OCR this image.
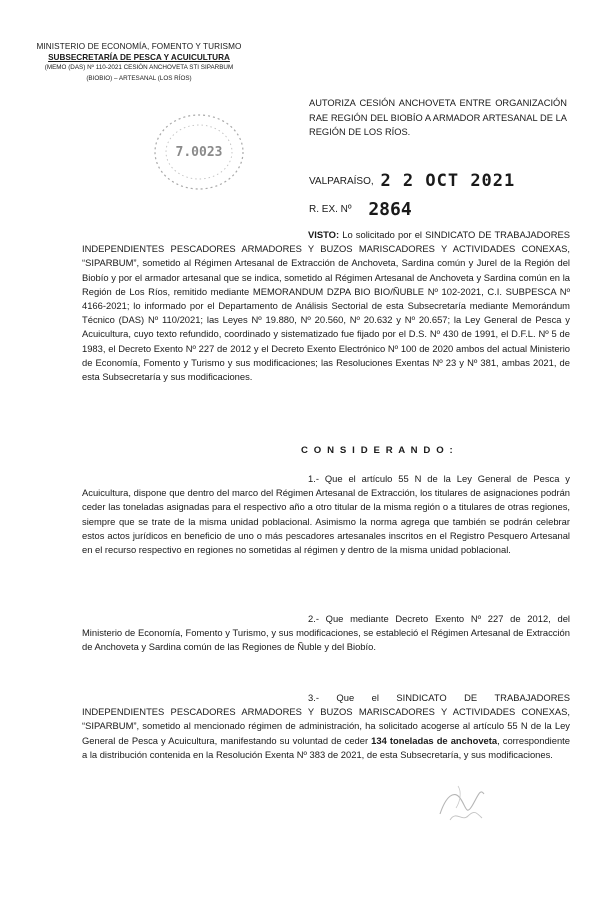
MINISTERIO DE ECONOMÍA, FOMENTO Y TURISMO
SUBSECRETARÍA DE PESCA Y ACUICULTURA
(MEMO (DAS) Nº 110-2021 CESIÓN ANCHOVETA STI SIPARBUM
(BIOBIO) – ARTESANAL (LOS RÍOS)
7.0023
AUTORIZA CESIÓN ANCHOVETA ENTRE ORGANIZACIÓN RAE REGIÓN DEL BIOBÍO A ARMADOR ARTESANAL DE LA REGIÓN DE LOS RÍOS.
VALPARAÍSO, 2 2 OCT 2021
R. EX. Nº 2864
VISTO: Lo solicitado por el SINDICATO DE TRABAJADORES INDEPENDIENTES PESCADORES ARMADORES Y BUZOS MARISCADORES Y ACTIVIDADES CONEXAS, “SIPARBUM”, sometido al Régimen Artesanal de Extracción de Anchoveta, Sardina común y Jurel de la Región del Biobío y por el armador artesanal que se indica, sometido al Régimen Artesanal de Anchoveta y Sardina común en la Región de Los Ríos, remitido mediante MEMORANDUM DZPA BIO BIO/ÑUBLE Nº 102-2021, C.I. SUBPESCA Nº 4166-2021; lo informado por el Departamento de Análisis Sectorial de esta Subsecretaría mediante Memorándum Técnico (DAS) Nº 110/2021; las Leyes Nº 19.880, Nº 20.560, Nº 20.632 y Nº 20.657; la Ley General de Pesca y Acuicultura, cuyo texto refundido, coordinado y sistematizado fue fijado por el D.S. Nº 430 de 1991, el D.F.L. Nº 5 de 1983, el Decreto Exento Nº 227 de 2012 y el Decreto Exento Electrónico Nº 100 de 2020 ambos del actual Ministerio de Economía, Fomento y Turismo y sus modificaciones; las Resoluciones Exentas Nº 23 y Nº 381, ambas 2021, de esta Subsecretaría y sus modificaciones.
C O N S I D E R A N D O :
1.- Que el artículo 55 N de la Ley General de Pesca y Acuicultura, dispone que dentro del marco del Régimen Artesanal de Extracción, los titulares de asignaciones podrán ceder las toneladas asignadas para el respectivo año a otro titular de la misma región o a titulares de otras regiones, siempre que se trate de la misma unidad poblacional. Asimismo la norma agrega que también se podrán celebrar estos actos jurídicos en beneficio de uno o más pescadores artesanales inscritos en el Registro Pesquero Artesanal en el recurso respectivo en regiones no sometidas al régimen y dentro de la misma unidad poblacional.
2.- Que mediante Decreto Exento Nº 227 de 2012, del Ministerio de Economía, Fomento y Turismo, y sus modificaciones, se estableció el Régimen Artesanal de Extracción de Anchoveta y Sardina común de las Regiones de Ñuble y del Biobío.
3.- Que el SINDICATO DE TRABAJADORES INDEPENDIENTES PESCADORES ARMADORES Y BUZOS MARISCADORES Y ACTIVIDADES CONEXAS, “SIPARBUM”, sometido al mencionado régimen de administración, ha solicitado acogerse al artículo 55 N de la Ley General de Pesca y Acuicultura, manifestando su voluntad de ceder 134 toneladas de anchoveta, correspondiente a la distribución contenida en la Resolución Exenta Nº 383 de 2021, de esta Subsecretaría, y sus modificaciones.
